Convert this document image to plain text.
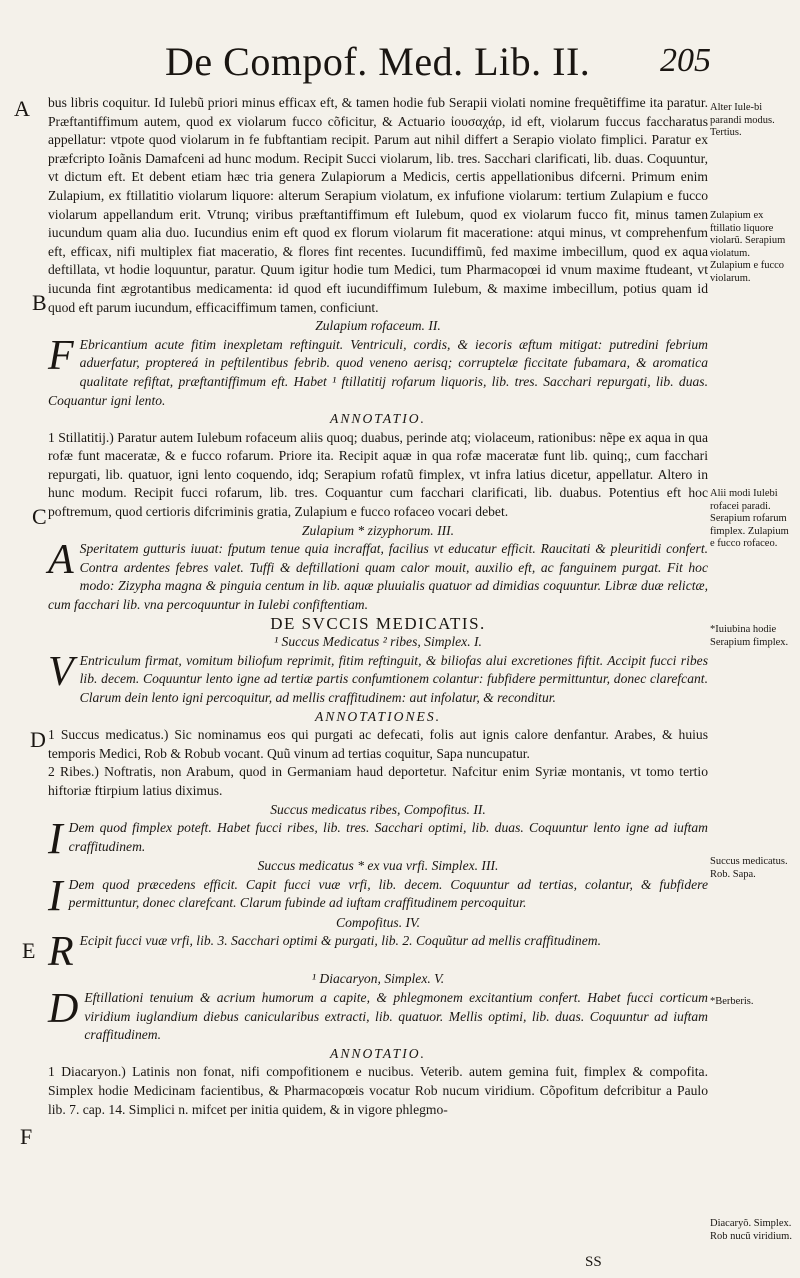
De Compof. Med. Lib. II. 205
A
B
C
D
E
F
Alter Iule-bi parandi modus. Tertius.
Zulapium ex ftillatio liquore violarũ. Serapium violatum. Zulapium e fucco violarum.
Alii modi Iulebi rofacei paradi. Serapium rofarum fimplex. Zulapium e fucco rofaceo.
*Iuiubina hodie Serapium fimplex.
Succus medicatus. Rob. Sapa.
*Berberis.
Diacaryõ. Simplex. Rob nucũ viridium.

bus libris coquitur. Id Iulebũ priori minus efficax eft, & tamen hodie fub Serapii violati nomine frequẽtiffime ita paratur. Præftantiffimum autem, quod ex violarum fucco cõficitur, & Actuario ἰουσαχάρ, id eft, violarum fuccus faccharatus appellatur: vtpote quod violarum in fe fubftantiam recipit. Parum aut nihil differt a Serapio violato fimplici. Paratur ex præfcripto Ioãnis Damafceni ad hunc modum. Recipit Succi violarum, lib. tres. Sacchari clarificati, lib. duas. Coquuntur, vt dictum eft. Et debent etiam hæc tria genera Zulapiorum a Medicis, certis appellationibus difcerni. Primum enim Zulapium, ex ftillatitio violarum liquore: alterum Serapium violatum, ex infufione violarum: tertium Zulapium e fucco violarum appellandum erit. Vtrunq; viribus præftantiffimum eft Iulebum, quod ex violarum fucco fit, minus tamen iucundum quam alia duo. Iucundius enim eft quod ex florum violarum fit maceratione: atqui minus, vt comprehenfum eft, efficax, nifi multiplex fiat maceratio, & flores fint recentes. Iucundiffimũ, fed maxime imbecillum, quod ex aqua deftillata, vt hodie loquuntur, paratur. Quum igitur hodie tum Medici, tum Pharmacopœi id vnum maxime ftudeant, vt iucunda fint ægrotantibus medicamenta: id quod eft iucundiffimum Iulebum, & maxime imbecillum, potius quam id quod eft parum iucundum, efficaciffimum tamen, conficiunt.

Zulapium rofaceum. II.

F Ebricantium acute fitim inexpletam reftinguit. Ventriculi, cordis, & iecoris æftum mitigat: putredini febrium aduerfatur, proptereá in peftilentibus febrib. quod veneno aerisq; corruptelæ ficcitate fubamara, & aromatica qualitate refiftat, præftantiffimum eft. Habet ¹ ftillatitij rofarum liquoris, lib. tres. Sacchari repurgati, lib. duas. Coquantur igni lento.

ANNOTATIO.

1 Stillatitij.) Paratur autem Iulebum rofaceum aliis quoq; duabus, perinde atq; violaceum, rationibus: nẽpe ex aqua in qua rofæ funt maceratæ, & e fucco rofarum. Priore ita. Recipit aquæ in qua rofæ maceratæ funt lib. quinq;, cum facchari repurgati, lib. quatuor, igni lento coquendo, idq; Serapium rofatũ fimplex, vt infra latius dicetur, appellatur. Altero in hunc modum. Recipit fucci rofarum, lib. tres. Coquantur cum facchari clarificati, lib. duabus. Potentius eft hoc poftremum, quod certioris difcriminis gratia, Zulapium e fucco rofaceo vocari debet.

Zulapium * zizyphorum. III.

A Speritatem gutturis iuuat: fputum tenue quia incraffat, facilius vt educatur efficit. Raucitati & pleuritidi confert. Contra ardentes febres valet. Tuffi & deftillationi quam calor mouit, auxilio eft, ac fanguinem purgat. Fit hoc modo: Zizypha magna & pinguia centum in lib. aquæ pluuialis quatuor ad dimidias coquuntur. Libræ duæ relictæ, cum facchari lib. vna percoquuntur in Iulebi confiftentiam.

DE SVCCIS MEDICATIS.

¹ Succus Medicatus ² ribes, Simplex. I.

V Entriculum firmat, vomitum biliofum reprimit, fitim reftinguit, & biliofas alui excretiones fiftit. Accipit fucci ribes lib. decem. Coquuntur lento igne ad tertiæ partis confumtionem colantur: fubfidere permittuntur, donec clarefcant. Clarum dein lento igni percoquitur, ad mellis craffitudinem: aut infolatur, & reconditur.

ANNOTATIONES.

1 Succus medicatus.) Sic nominamus eos qui purgati ac defecati, folis aut ignis calore denfantur. Arabes, & huius temporis Medici, Rob & Robub vocant. Quũ vinum ad tertias coquitur, Sapa nuncupatur.

2 Ribes.) Noftratis, non Arabum, quod in Germaniam haud deportetur. Nafcitur enim Syriæ montanis, vt tomo tertio hiftoriæ ftirpium latius diximus.

Succus medicatus ribes, Compofitus. II.

I Dem quod fimplex poteft. Habet fucci ribes, lib. tres. Sacchari optimi, lib. duas. Coquuntur lento igne ad iuftam craffitudinem.

Succus medicatus * ex vua vrfi. Simplex. III.

I Dem quod præcedens efficit. Capit fucci vuæ vrfi, lib. decem. Coquuntur ad tertias, colantur, & fubfidere permittuntur, donec clarefcant. Clarum fubinde ad iuftam craffitudinem percoquitur.

Compofitus. IV.

R Ecipit fucci vuæ vrfi, lib. 3. Sacchari optimi & purgati, lib. 2. Coquũtur ad mellis craffitudinem.

¹ Diacaryon, Simplex. V.

D Eftillationi tenuium & acrium humorum a capite, & phlegmonem excitantium confert. Habet fucci corticum viridium iuglandium diebus canicularibus extracti, lib. quatuor. Mellis optimi, lib. duas. Coquuntur ad iuftam craffitudinem.

ANNOTATIO.

1 Diacaryon.) Latinis non fonat, nifi compofitionem e nucibus. Veterib. autem gemina fuit, fimplex & compofita. Simplex hodie Medicinam facientibus, & Pharmacopœis vocatur Rob nucum viridium. Cõpofitum defcribitur a Paulo lib. 7. cap. 14. Simplici n. mifcet per initia quidem, & in vigore phlegmo-

SS
